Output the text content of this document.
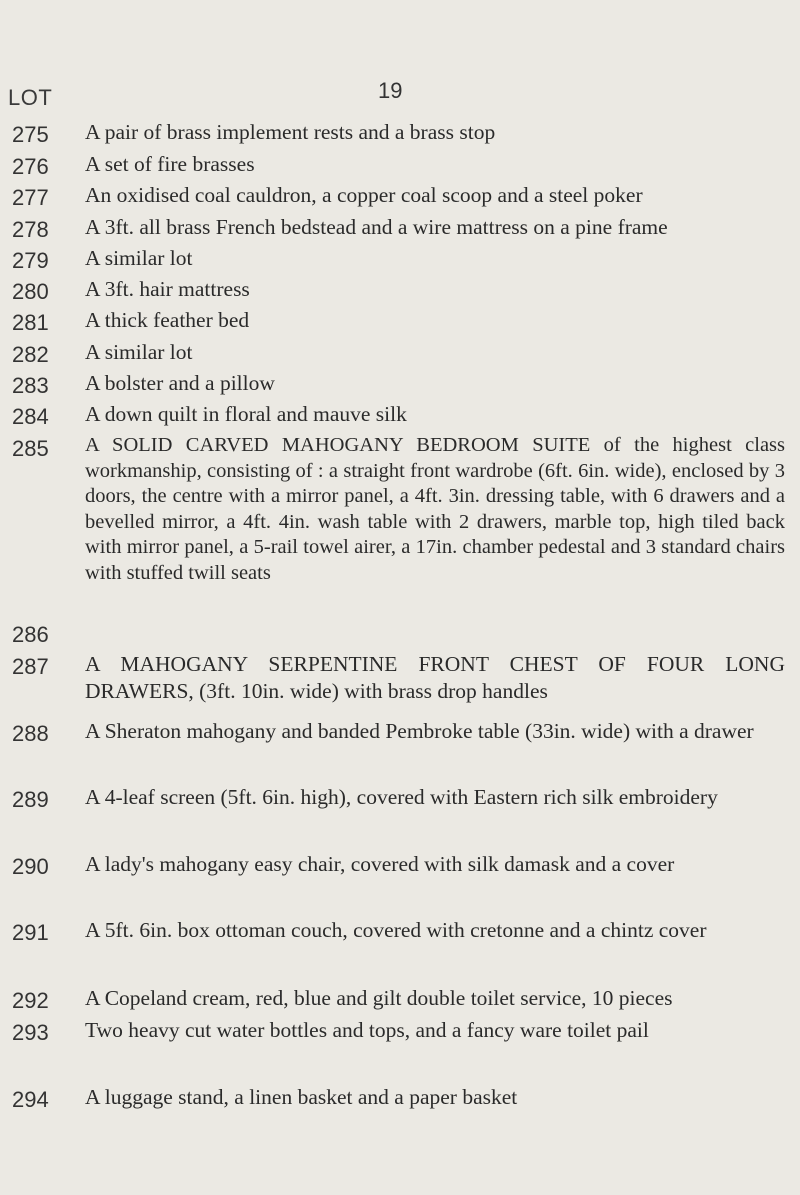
LOT	19
275
276
277
278
279
280
281
282
283
284
285
286
287
288
289
290
291
292
293
294
A pair of brass implement rests and a brass stop
A set of fire brasses
An oxidised coal cauldron, a copper coal scoop and a steel poker
A 3ft. all brass French bedstead and a wire mattress on a pine frame
A similar lot
A 3ft. hair mattress
A thick feather bed
A similar lot
A bolster and a pillow
A down quilt in floral and mauve silk
A SOLID CARVED MAHOGANY BEDROOM SUITE of the highest class workmanship, consisting of : a straight front wardrobe (6ft. 6in. wide), enclosed by 3 doors, the centre with a mirror panel, a 4ft. 3in. dressing table, with 6 drawers and a bevelled mirror, a 4ft. 4in. wash table with 2 drawers, marble top, high tiled back with mirror panel, a 5-rail towel airer, a 17in. chamber pedestal and 3 standard chairs with stuffed twill seats
A MAHOGANY SERPENTINE FRONT CHEST OF FOUR LONG DRAWERS, (3ft. 10in. wide) with brass drop handles
A Sheraton mahogany and banded Pembroke table (33in. wide) with a drawer
A 4-leaf screen (5ft. 6in. high), covered with Eastern rich silk embroidery
A lady's mahogany easy chair, covered with silk damask and a cover
A 5ft. 6in. box ottoman couch, covered with cretonne and a chintz cover
A Copeland cream, red, blue and gilt double toilet service, 10 pieces
Two heavy cut water bottles and tops, and a fancy ware toilet pail
A luggage stand, a linen basket and a paper basket
